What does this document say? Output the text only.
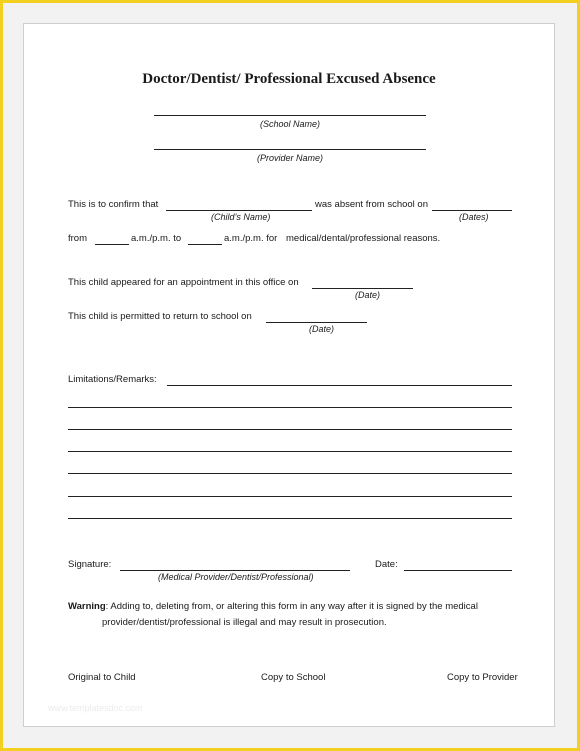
Doctor/Dentist/ Professional Excused Absence
(School Name)
(Provider Name)
This is to confirm that	was absent from school on
(Child’s Name)	(Dates)
from	a.m./p.m. to	a.m./p.m. for medical/dental/professional reasons.
This child appeared for an appointment in this office on
(Date)
This child is permitted to return to school on
(Date)
Limitations/Remarks:
Signature:
(Medical Provider/Dentist/Professional)
Date:
Warning: Adding to, deleting from, or altering this form in any way after it is signed by the medical
provider/dentist/professional is illegal and may result in prosecution.
Original to Child	Copy to School	Copy to Provider
www.templatesdoc.com
